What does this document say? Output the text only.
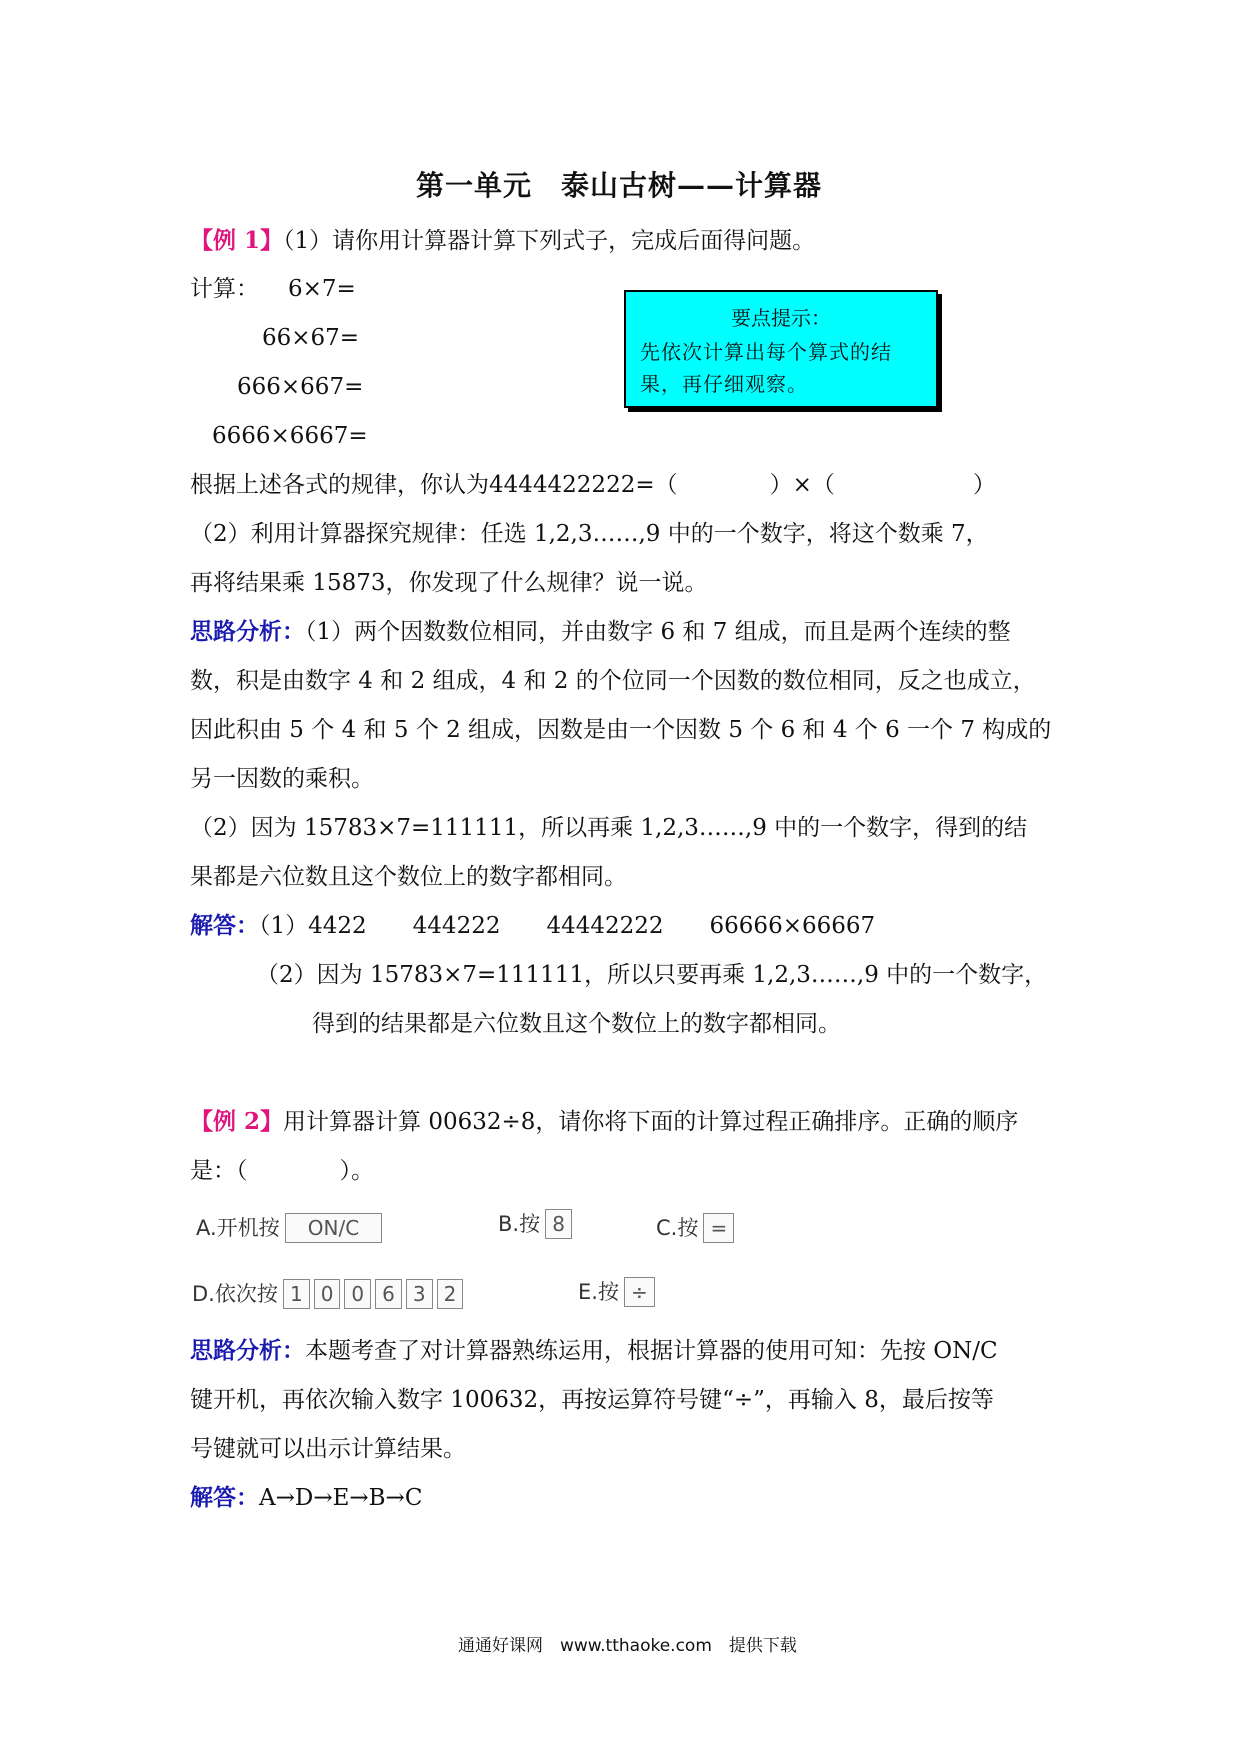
第一单元　泰山古树——计算器
【例 1】（1）请你用计算器计算下列式子，完成后面得问题。
计算： 6×7=
66×67=
666×667=
6666×6667=
要点提示：
先依次计算出每个算式的结果，再仔细观察。
根据上述各式的规律，你认为4444422222=（　　　　）×（　　　　　　）
（2）利用计算器探究规律：任选 1,2,3……,9 中的一个数字，将这个数乘 7，
再将结果乘 15873，你发现了什么规律？说一说。
思路分析：（1）两个因数数位相同，并由数字 6 和 7 组成，而且是两个连续的整
数，积是由数字 4 和 2 组成，4 和 2 的个位同一个因数的数位相同，反之也成立，
因此积由 5 个 4 和 5 个 2 组成，因数是由一个因数 5 个 6 和 4 个 6 一个 7 构成的
另一因数的乘积。
（2）因为 15783×7=111111，所以再乘 1,2,3……,9 中的一个数字，得到的结
果都是六位数且这个数位上的数字都相同。
解答：（1）4422　　444222　　44442222　　66666×66667
（2）因为 15783×7=111111，所以只要再乘 1,2,3……,9 中的一个数字，
得到的结果都是六位数且这个数位上的数字都相同。
【例 2】用计算器计算 00632÷8，请你将下面的计算过程正确排序。正确的顺序
是：（　　　　）。
A.开机按 ON/C	B.按 8	C.按 =
D.依次按 1 0 0 6 3 2	E.按 ÷
思路分析：本题考查了对计算器熟练运用，根据计算器的使用可知：先按 ON/C
键开机，再依次输入数字 100632，再按运算符号键“÷”，再输入 8，最后按等
号键就可以出示计算结果。
解答：A→D→E→B→C
通通好课网　www.tthaoke.com　提供下载
